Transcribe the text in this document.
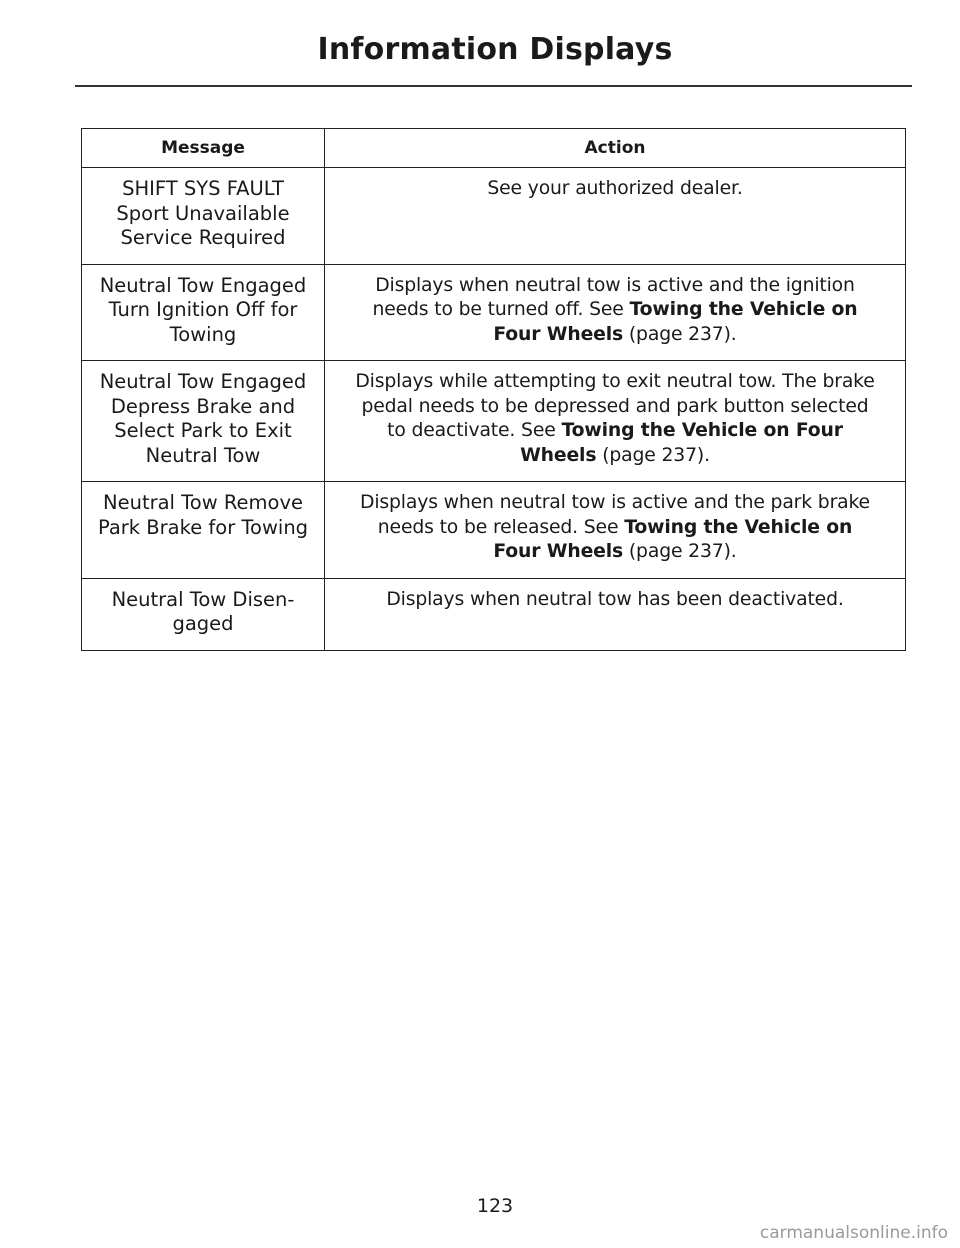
Information Displays
Message	Action

SHIFT SYS FAULT
Sport Unavailable
Service Required	See your authorized dealer.

Neutral Tow Engaged
Turn Ignition Off for
Towing	Displays when neutral tow is active and the ignition
needs to be turned off. See Towing the Vehicle on
Four Wheels (page 237).

Neutral Tow Engaged
Depress Brake and
Select Park to Exit
Neutral Tow	Displays while attempting to exit neutral tow. The brake
pedal needs to be depressed and park button selected
to deactivate. See Towing the Vehicle on Four
Wheels (page 237).

Neutral Tow Remove
Park Brake for Towing	Displays when neutral tow is active and the park brake
needs to be released. See Towing the Vehicle on
Four Wheels (page 237).

Neutral Tow Disen-
gaged	Displays when neutral tow has been deactivated.
123
carmanualsonline.info
